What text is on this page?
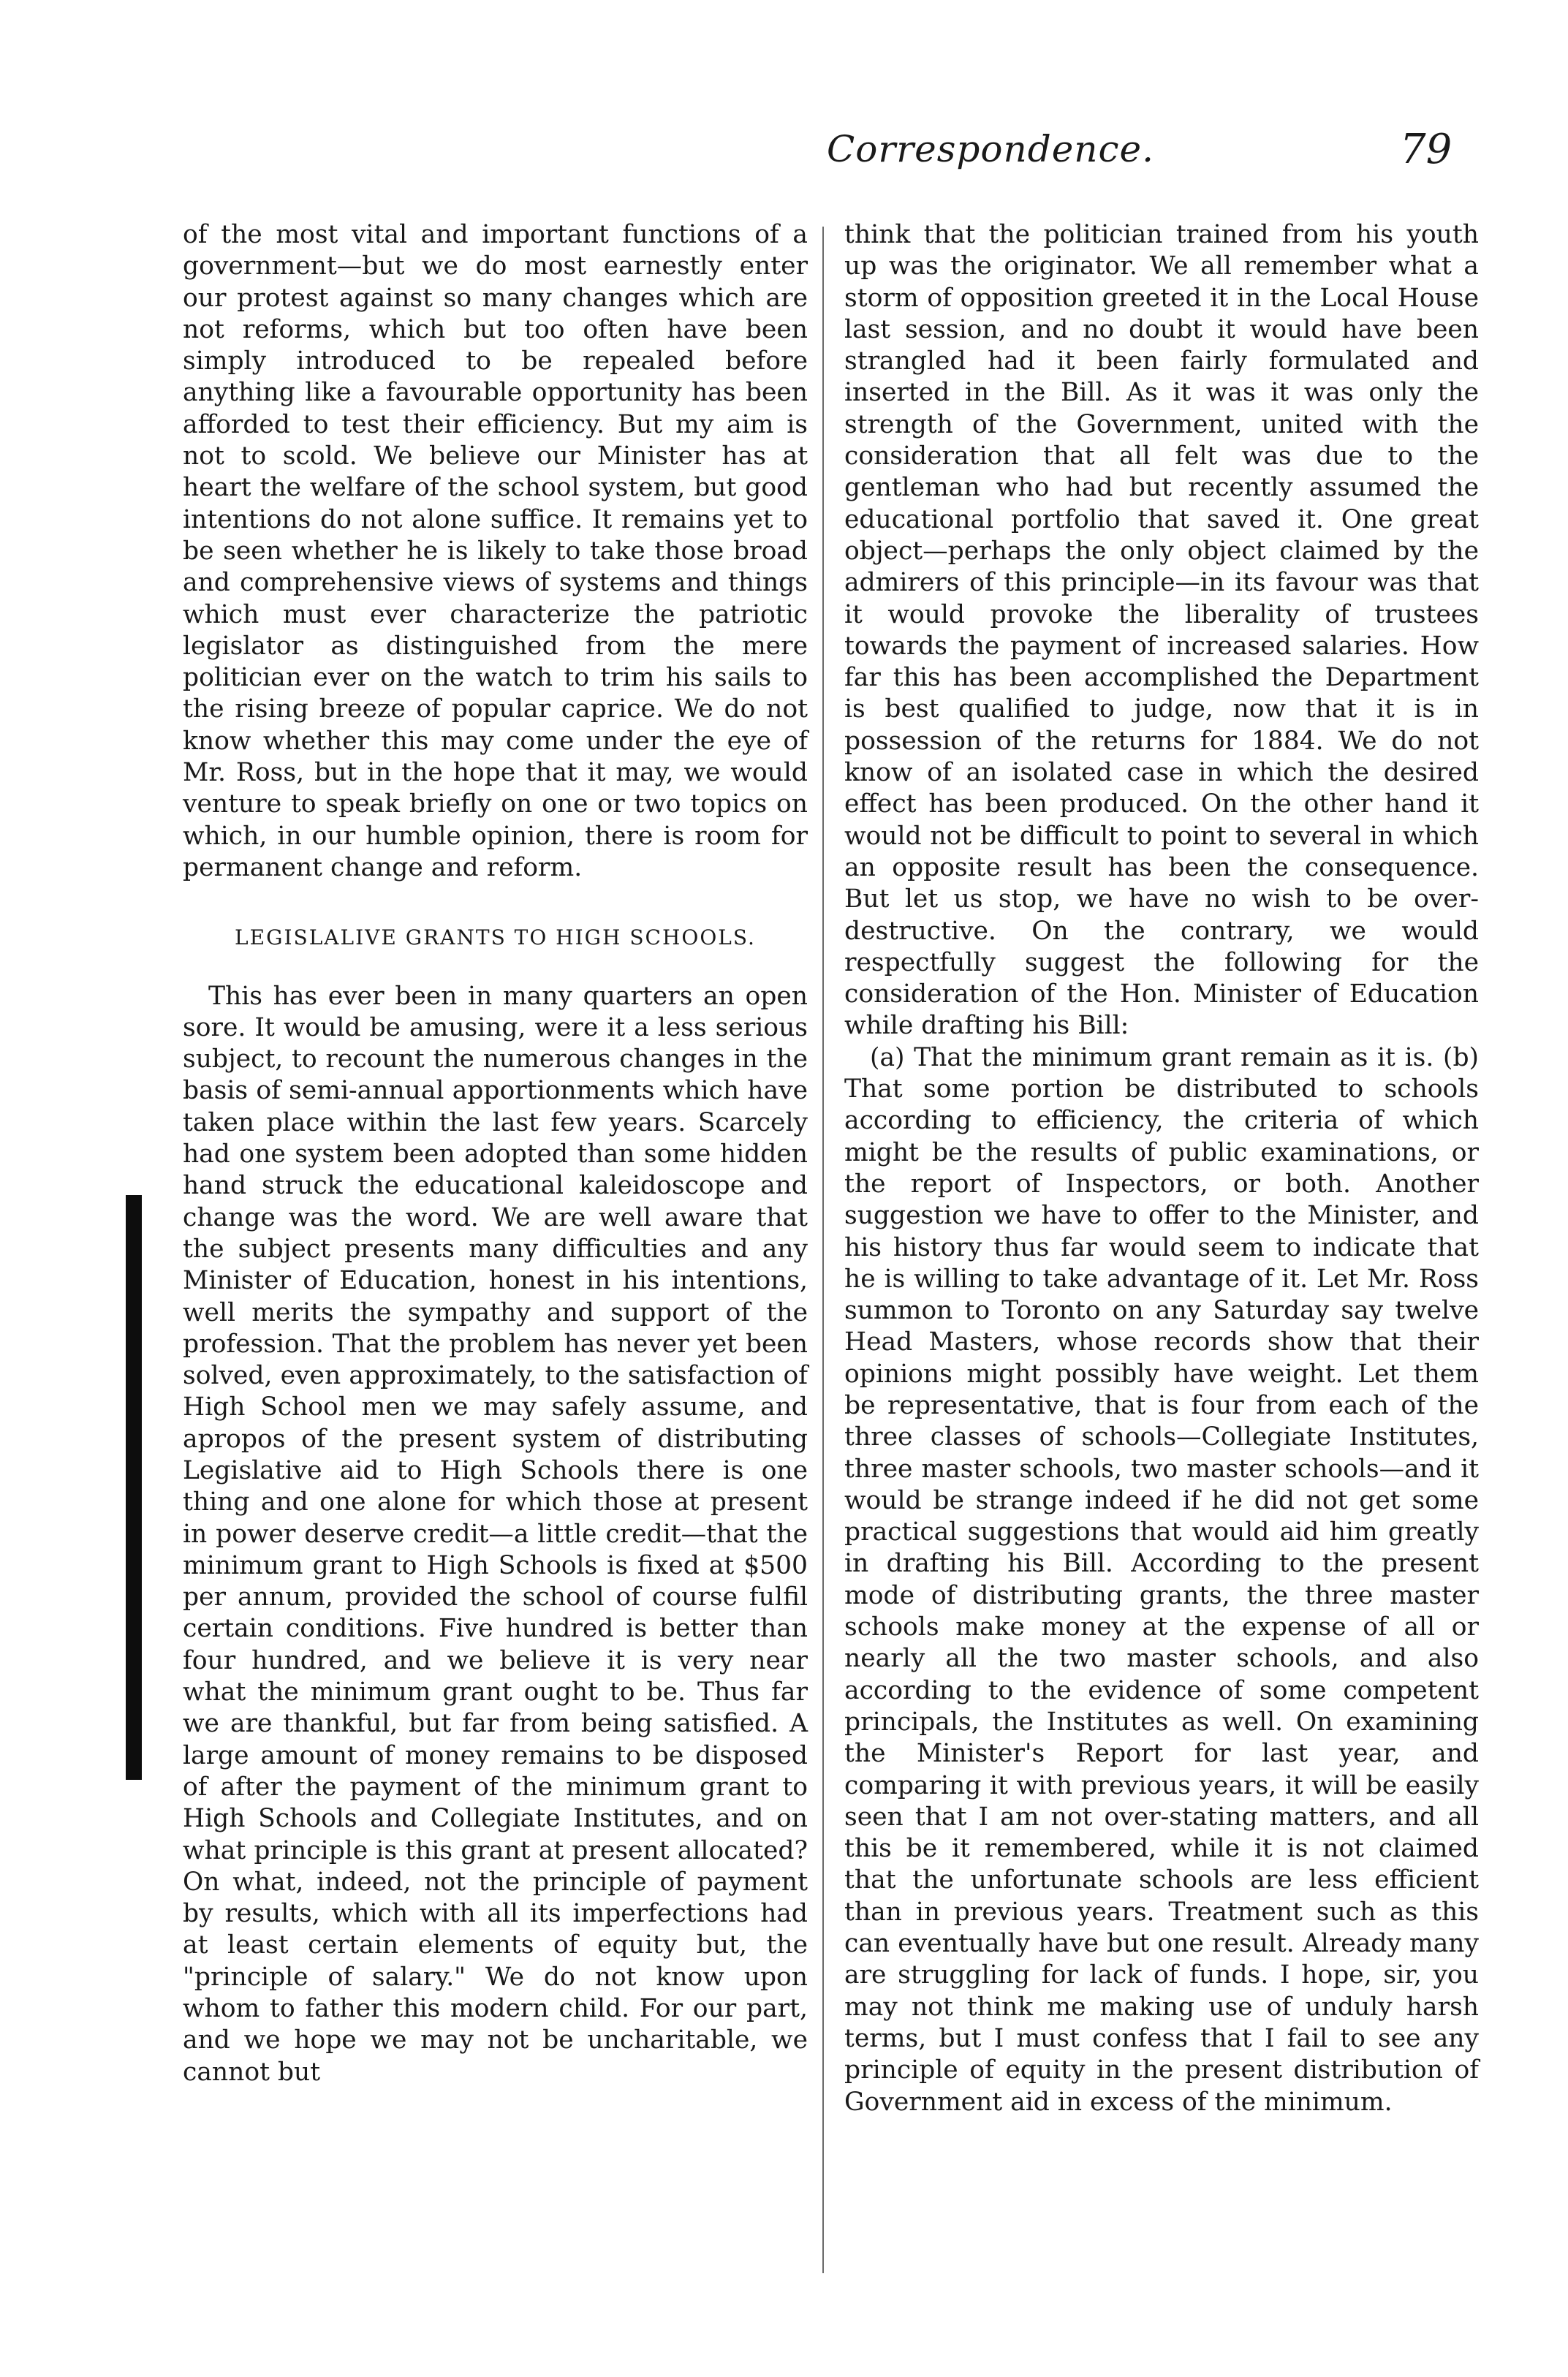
Correspondence.	79

of the most vital and important functions of a government—but we do most earnestly enter our protest against so many changes which are not reforms, which but too often have been simply introduced to be repealed before anything like a favourable opportunity has been afforded to test their efficiency. But my aim is not to scold. We believe our Minister has at heart the welfare of the school system, but good intentions do not alone suffice. It remains yet to be seen whether he is likely to take those broad and comprehensive views of systems and things which must ever characterize the patriotic legislator as distinguished from the mere politician ever on the watch to trim his sails to the rising breeze of popular caprice. We do not know whether this may come under the eye of Mr. Ross, but in the hope that it may, we would venture to speak briefly on one or two topics on which, in our humble opinion, there is room for permanent change and reform.

LEGISLALIVE GRANTS TO HIGH SCHOOLS.

This has ever been in many quarters an open sore. It would be amusing, were it a less serious subject, to recount the numerous changes in the basis of semi-annual apportionments which have taken place within the last few years. Scarcely had one system been adopted than some hidden hand struck the educational kaleidoscope and change was the word. We are well aware that the subject presents many difficulties and any Minister of Education, honest in his intentions, well merits the sympathy and support of the profession. That the problem has never yet been solved, even approximately, to the satisfaction of High School men we may safely assume, and apropos of the present system of distributing Legislative aid to High Schools there is one thing and one alone for which those at present in power deserve credit—a little credit—that the minimum grant to High Schools is fixed at $500 per annum, provided the school of course fulfil certain conditions. Five hundred is better than four hundred, and we believe it is very near what the minimum grant ought to be. Thus far we are thankful, but far from being satisfied. A large amount of money remains to be disposed of after the payment of the minimum grant to High Schools and Collegiate Institutes, and on what principle is this grant at present allocated? On what, indeed, not the principle of payment by results, which with all its imperfections had at least certain elements of equity but, the "principle of salary." We do not know upon whom to father this modern child. For our part, and we hope we may not be uncharitable, we cannot but

think that the politician trained from his youth up was the originator. We all remember what a storm of opposition greeted it in the Local House last session, and no doubt it would have been strangled had it been fairly formulated and inserted in the Bill. As it was it was only the strength of the Government, united with the consideration that all felt was due to the gentleman who had but recently assumed the educational portfolio that saved it. One great object—perhaps the only object claimed by the admirers of this principle—in its favour was that it would provoke the liberality of trustees towards the payment of increased salaries. How far this has been accomplished the Department is best qualified to judge, now that it is in possession of the returns for 1884. We do not know of an isolated case in which the desired effect has been produced. On the other hand it would not be difficult to point to several in which an opposite result has been the consequence. But let us stop, we have no wish to be over-destructive. On the contrary, we would respectfully suggest the following for the consideration of the Hon. Minister of Education while drafting his Bill:

(a) That the minimum grant remain as it is. (b) That some portion be distributed to schools according to efficiency, the criteria of which might be the results of public examinations, or the report of Inspectors, or both. Another suggestion we have to offer to the Minister, and his history thus far would seem to indicate that he is willing to take advantage of it. Let Mr. Ross summon to Toronto on any Saturday say twelve Head Masters, whose records show that their opinions might possibly have weight. Let them be representative, that is four from each of the three classes of schools—Collegiate Institutes, three master schools, two master schools—and it would be strange indeed if he did not get some practical suggestions that would aid him greatly in drafting his Bill. According to the present mode of distributing grants, the three master schools make money at the expense of all or nearly all the two master schools, and also according to the evidence of some competent principals, the Institutes as well. On examining the Minister's Report for last year, and comparing it with previous years, it will be easily seen that I am not over-stating matters, and all this be it remembered, while it is not claimed that the unfortunate schools are less efficient than in previous years. Treatment such as this can eventually have but one result. Already many are struggling for lack of funds. I hope, sir, you may not think me making use of unduly harsh terms, but I must confess that I fail to see any principle of equity in the present distribution of Government aid in excess of the minimum.
